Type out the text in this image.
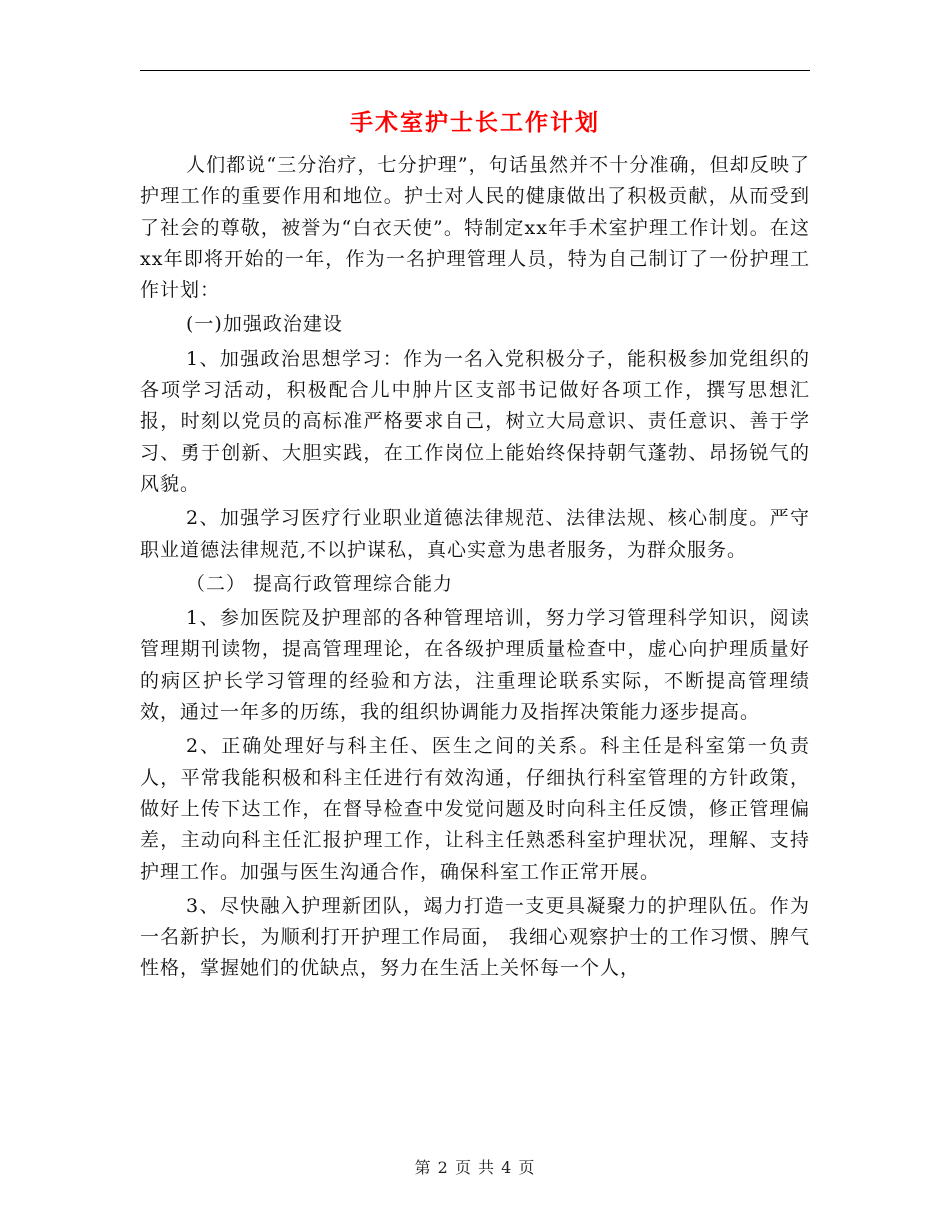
手术室护士长工作计划

人们都说“三分治疗，七分护理”，句话虽然并不十分准确，但却反映了护理工作的重要作用和地位。护士对人民的健康做出了积极贡献，从而受到了社会的尊敬，被誉为“白衣天使”。特制定xx年手术室护理工作计划。在这xx年即将开始的一年，作为一名护理管理人员，特为自己制订了一份护理工作计划：

(一)加强政治建设

1、加强政治思想学习：作为一名入党积极分子，能积极参加党组织的各项学习活动，积极配合儿中肿片区支部书记做好各项工作，撰写思想汇报，时刻以党员的高标准严格要求自己，树立大局意识、责任意识、善于学习、勇于创新、大胆实践，在工作岗位上能始终保持朝气蓬勃、昂扬锐气的风貌。

2、加强学习医疗行业职业道德法律规范、法律法规、核心制度。严守职业道德法律规范,不以护谋私，真心实意为患者服务，为群众服务。

（二） 提高行政管理综合能力

1、参加医院及护理部的各种管理培训，努力学习管理科学知识，阅读管理期刊读物，提高管理理论，在各级护理质量检查中，虚心向护理质量好的病区护长学习管理的经验和方法，注重理论联系实际，不断提高管理绩效，通过一年多的历练，我的组织协调能力及指挥决策能力逐步提高。

2、正确处理好与科主任、医生之间的关系。科主任是科室第一负责人，平常我能积极和科主任进行有效沟通，仔细执行科室管理的方针政策，做好上传下达工作，在督导检查中发觉问题及时向科主任反馈，修正管理偏差，主动向科主任汇报护理工作，让科主任熟悉科室护理状况，理解、支持护理工作。加强与医生沟通合作，确保科室工作正常开展。

3、尽快融入护理新团队，竭力打造一支更具凝聚力的护理队伍。作为一名新护长，为顺利打开护理工作局面， 我细心观察护士的工作习惯、脾气性格，掌握她们的优缺点，努力在生活上关怀每一个人，

第 2 页 共 4 页
